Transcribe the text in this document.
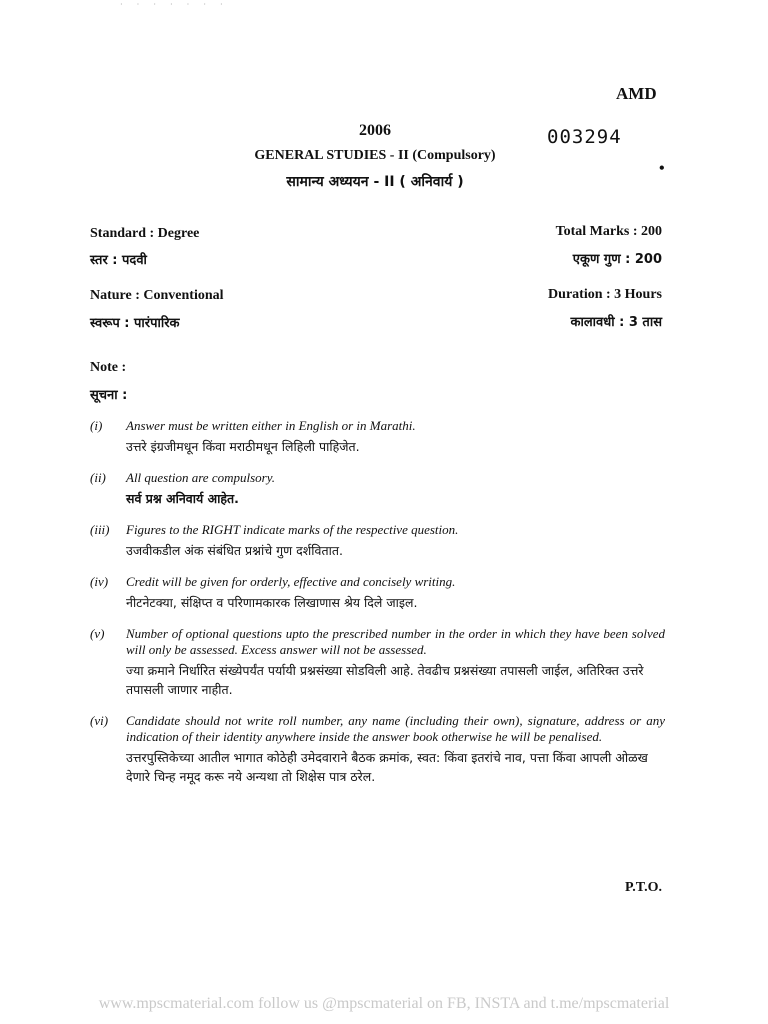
· · · · · · ·
AMD
003294
•
2006
GENERAL STUDIES - II (Compulsory)
सामान्य अध्ययन - II ( अनिवार्य )
Standard : Degree
स्तर : पदवी
Total Marks : 200
एकूण गुण : 200
Nature : Conventional
स्वरूप : पारंपारिक
Duration : 3 Hours
कालावधी : 3 तास
Note :
सूचना :
(i) Answer must be written either in English or in Marathi.
उत्तरे इंग्रजीमधून किंवा मराठीमधून लिहिली पाहिजेत.
(ii) All question are compulsory.
सर्व प्रश्न अनिवार्य आहेत.
(iii) Figures to the RIGHT indicate marks of the respective question.
उजवीकडील अंक संबंधित प्रश्नांचे गुण दर्शवितात.
(iv) Credit will be given for orderly, effective and concisely writing.
नीटनेटक्या, संक्षिप्त व परिणामकारक लिखाणास श्रेय दिले जाइल.
(v) Number of optional questions upto the prescribed number in the order in which they have been solved will only be assessed. Excess answer will not be assessed.
ज्या क्रमाने निर्धारित संख्येपर्यंत पर्यायी प्रश्नसंख्या सोडविली आहे. तेवढीच प्रश्नसंख्या तपासली जाईल, अतिरिक्त उत्तरे तपासली जाणार नाहीत.
(vi) Candidate should not write roll number, any name (including their own), signature, address or any indication of their identity anywhere inside the answer book otherwise he will be penalised.
उत्तरपुस्तिकेच्या आतील भागात कोठेही उमेदवाराने बैठक क्रमांक, स्वत: किंवा इतरांचे नाव, पत्ता किंवा आपली ओळख देणारे चिन्ह नमूद करू नये अन्यथा तो शिक्षेस पात्र ठरेल.
P.T.O.
www.mpscmaterial.com follow us @mpscmaterial on FB, INSTA and t.me/mpscmaterial
